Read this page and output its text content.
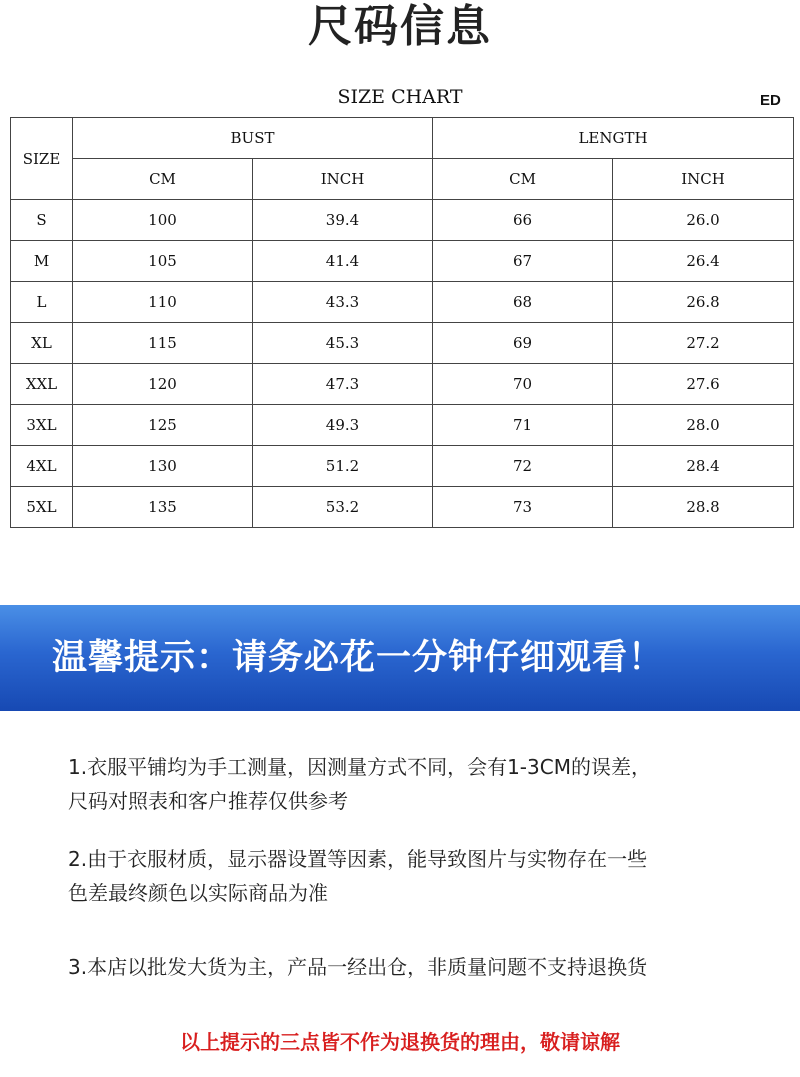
尺码信息
SIZE CHART	ED
SIZE	BUST		LENGTH	
	CM	INCH	CM	INCH
S	100	39.4	66	26.0
M	105	41.4	67	26.4
L	110	43.3	68	26.8
XL	115	45.3	69	27.2
XXL	120	47.3	70	27.6
3XL	125	49.3	71	28.0
4XL	130	51.2	72	28.4
5XL	135	53.2	73	28.8
温馨提示：请务必花一分钟仔细观看！
1.衣服平铺均为手工测量，因测量方式不同，会有1-3CM的误差，
尺码对照表和客户推荐仅供参考
2.由于衣服材质，显示器设置等因素，能导致图片与实物存在一些
色差最终颜色以实际商品为准
3.本店以批发大货为主，产品一经出仓，非质量问题不支持退换货
以上提示的三点皆不作为退换货的理由，敬请谅解
